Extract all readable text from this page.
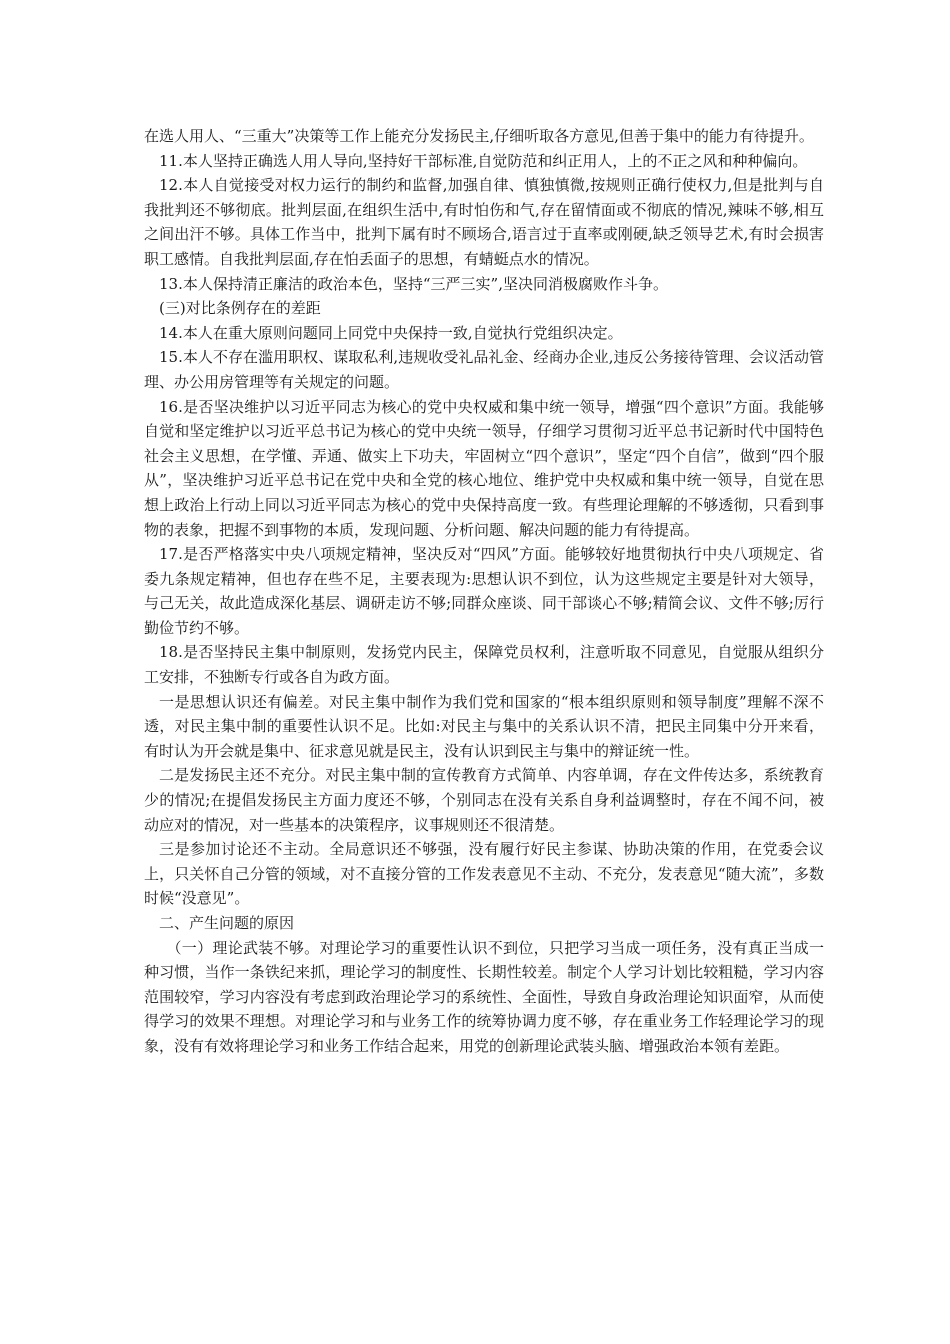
在选人用人、“三重大”决策等工作上能充分发扬民主,仔细听取各方意见,但善于集中的能力有待提升。

11.本人坚持正确选人用人导向,坚持好干部标准,自觉防范和纠正用人，上的不正之风和种种偏向。

12.本人自觉接受对权力运行的制约和监督,加强自律、慎独慎微,按规则正确行使权力,但是批判与自我批判还不够彻底。批判层面,在组织生活中,有时怕伤和气,存在留情面或不彻底的情况,辣味不够,相互之间出汗不够。具体工作当中，批判下属有时不顾场合,语言过于直率或刚硬,缺乏领导艺术,有时会损害职工感情。自我批判层面,存在怕丢面子的思想，有蜻蜓点水的情况。

13.本人保持清正廉洁的政治本色，坚持“三严三实”,坚决同消极腐败作斗争。

(三)对比条例存在的差距

14.本人在重大原则问题同上同党中央保持一致,自觉执行党组织决定。

15.本人不存在滥用职权、谋取私利,违规收受礼品礼金、经商办企业,违反公务接待管理、会议活动管理、办公用房管理等有关规定的问题。

16.是否坚决维护以习近平同志为核心的党中央权威和集中统一领导，增强“四个意识”方面。我能够自觉和坚定维护以习近平总书记为核心的党中央统一领导，仔细学习贯彻习近平总书记新时代中国特色社会主义思想，在学懂、弄通、做实上下功夫，牢固树立“四个意识”，坚定“四个自信”，做到“四个服从”，坚决维护习近平总书记在党中央和全党的核心地位、维护党中央权威和集中统一领导，自觉在思想上政治上行动上同以习近平同志为核心的党中央保持高度一致。有些理论理解的不够透彻，只看到事物的表象，把握不到事物的本质，发现问题、分析问题、解决问题的能力有待提高。

17.是否严格落实中央八项规定精神，坚决反对“四风”方面。能够较好地贯彻执行中央八项规定、省委九条规定精神，但也存在些不足，主要表现为:思想认识不到位，认为这些规定主要是针对大领导，与己无关，故此造成深化基层、调研走访不够;同群众座谈、同干部谈心不够;精简会议、文件不够;厉行勤俭节约不够。

18.是否坚持民主集中制原则，发扬党内民主，保障党员权利，注意听取不同意见，自觉服从组织分工安排，不独断专行或各自为政方面。

一是思想认识还有偏差。对民主集中制作为我们党和国家的“根本组织原则和领导制度”理解不深不透，对民主集中制的重要性认识不足。比如:对民主与集中的关系认识不清，把民主同集中分开来看，有时认为开会就是集中、征求意见就是民主，没有认识到民主与集中的辩证统一性。

二是发扬民主还不充分。对民主集中制的宣传教育方式简单、内容单调，存在文件传达多，系统教育少的情况;在提倡发扬民主方面力度还不够，个别同志在没有关系自身利益调整时，存在不闻不问，被动应对的情况，对一些基本的决策程序，议事规则还不很清楚。

三是参加讨论还不主动。全局意识还不够强，没有履行好民主参谋、协助决策的作用，在党委会议上，只关怀自己分管的领域，对不直接分管的工作发表意见不主动、不充分，发表意见“随大流”，多数时候“没意见”。

二、产生问题的原因

（一）理论武装不够。对理论学习的重要性认识不到位，只把学习当成一项任务，没有真正当成一种习惯，当作一条铁纪来抓，理论学习的制度性、长期性较差。制定个人学习计划比较粗糙，学习内容范围较窄，学习内容没有考虑到政治理论学习的系统性、全面性，导致自身政治理论知识面窄，从而使得学习的效果不理想。对理论学习和与业务工作的统筹协调力度不够，存在重业务工作轻理论学习的现象，没有有效将理论学习和业务工作结合起来，用党的创新理论武装头脑、增强政治本领有差距。
